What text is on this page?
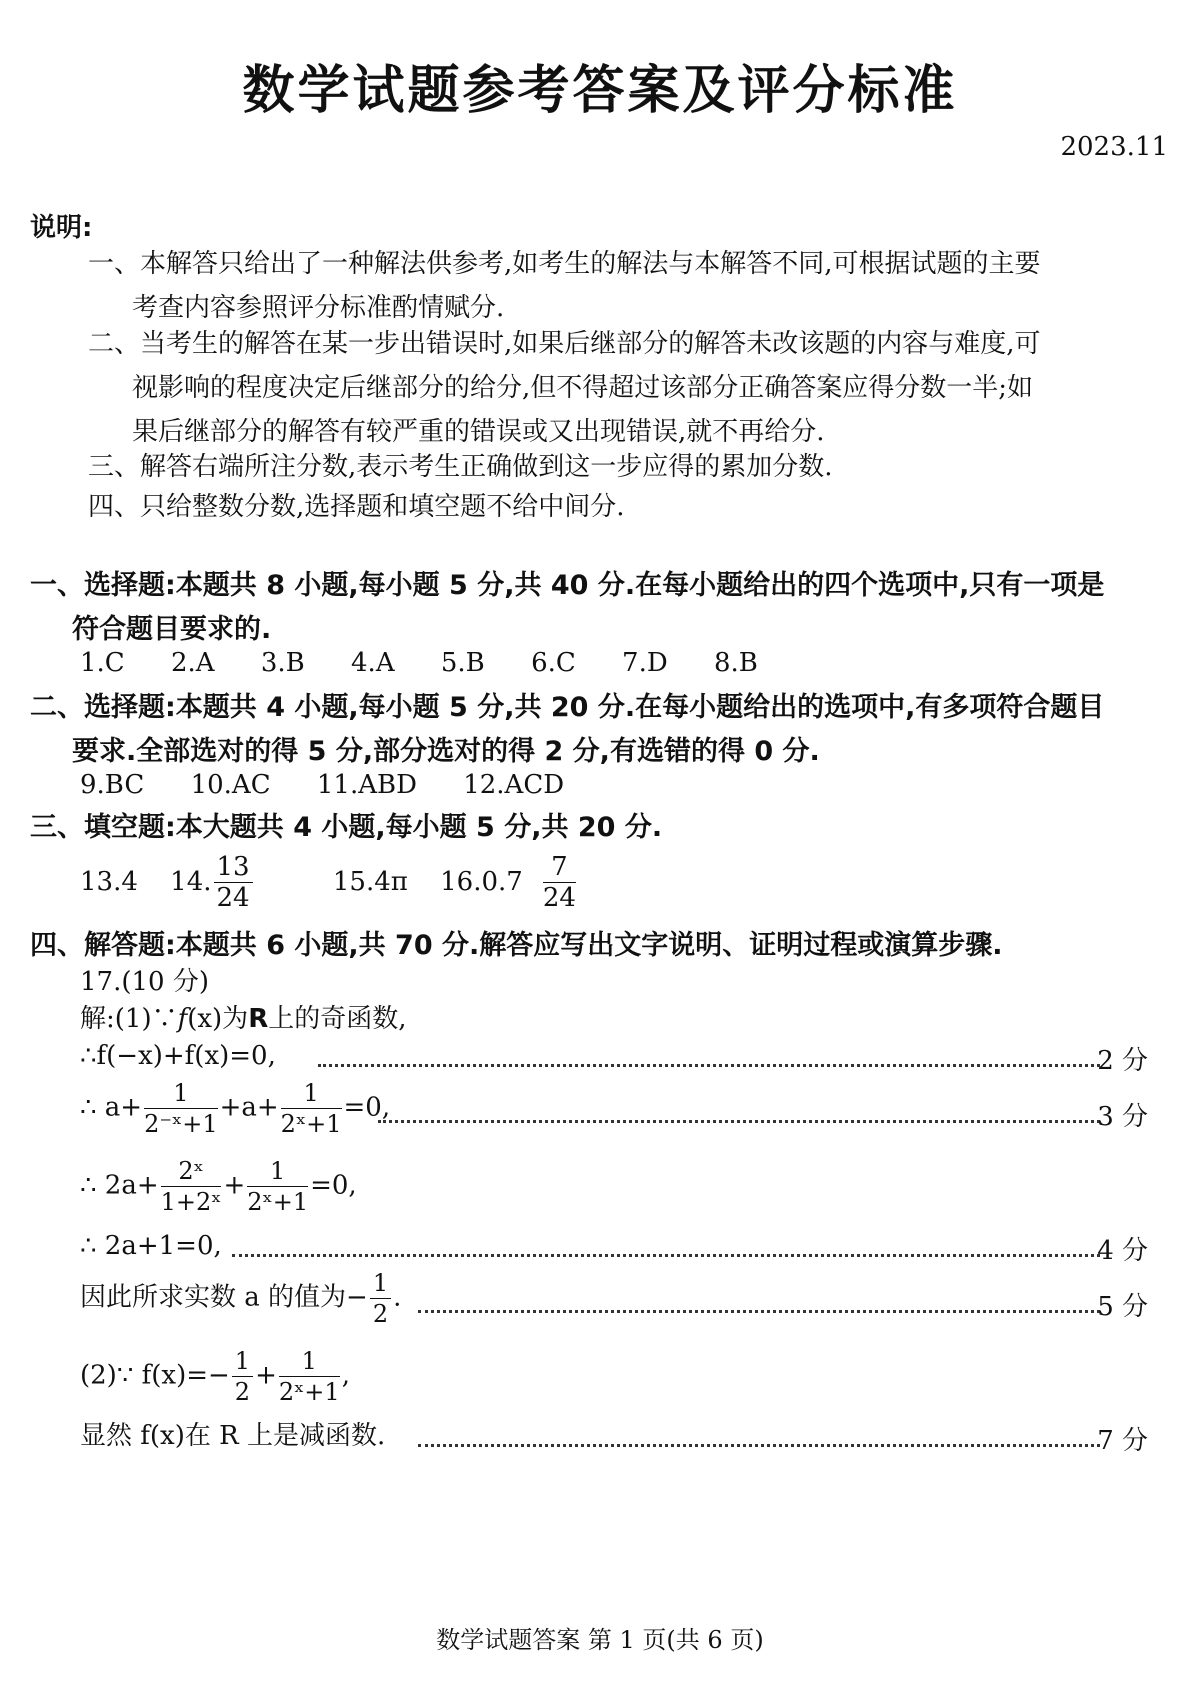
数学试题参考答案及评分标准
2023.11
说明:
一、本解答只给出了一种解法供参考,如考生的解法与本解答不同,可根据试题的主要
考查内容参照评分标准酌情赋分.
二、当考生的解答在某一步出错误时,如果后继部分的解答未改该题的内容与难度,可
视影响的程度决定后继部分的给分,但不得超过该部分正确答案应得分数一半;如
果后继部分的解答有较严重的错误或又出现错误,就不再给分.
三、解答右端所注分数,表示考生正确做到这一步应得的累加分数.
四、只给整数分数,选择题和填空题不给中间分.
一、选择题:本题共 8 小题,每小题 5 分,共 40 分.在每小题给出的四个选项中,只有一项是
符合题目要求的.
1.C 2.A 3.B 4.A 5.B 6.C 7.D 8.B
二、选择题:本题共 4 小题,每小题 5 分,共 20 分.在每小题给出的选项中,有多项符合题目
要求.全部选对的得 5 分,部分选对的得 2 分,有选错的得 0 分.
9.BC 10.AC 11.ABD 12.ACD
三、填空题:本大题共 4 小题,每小题 5 分,共 20 分.
13.4 14. $\frac{13}{24} 15.4\pi$ $16.0.7 \frac{7}{24}$
四、解答题:本题共 6 小题,共 70 分.解答应写出文字说明、证明过程或演算步骤.
17.(10 分)
解:(1)∵f(x)为R上的奇函数,
∴f(−x)+f(x)=0,	2 分
∴ $a+ \frac{1}{\text{2⁻ˣ+1}} +a+ \frac{1}{\text{2ˣ+1}} =0$,	3 分
∴ $2a+ \frac{\text{2ˣ}}{\text{1+2ˣ}} + \frac{1}{\text{2ˣ+1}} =0$,
∴ 2a+1=0,	4 分
因此所求实数 a 的值为− $\frac{1}{2}$ .	5 分
(2)∵ $f(x)=- \frac{1}{2} + \frac{1}{\text{2ˣ+1}}$ ,
显然 f(x)在 R 上是减函数.	7 分
数学试题答案 第 1 页(共 6 页)
